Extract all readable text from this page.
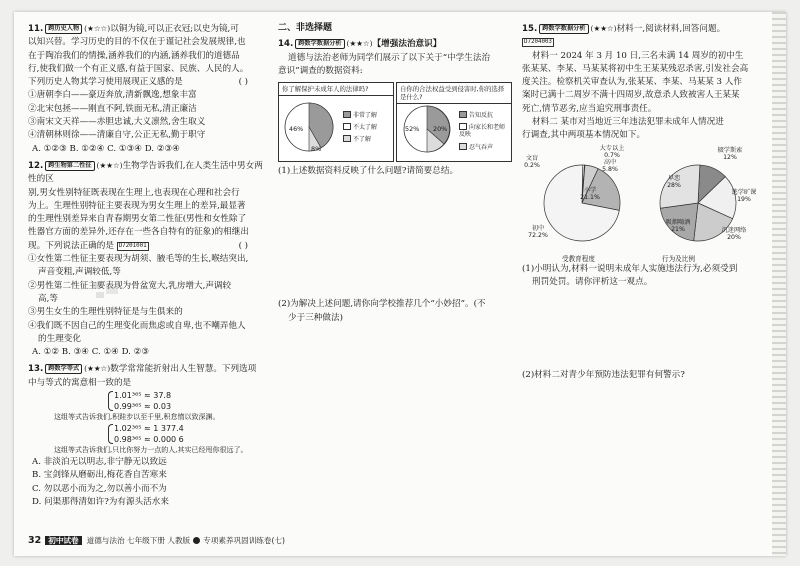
11. 跨历史人物 (★☆☆)以铜为镜,可以正衣冠;以史为镜,可

以知兴替。学习历史的目的不仅在于谨记社会发展规律,也

在于陶冶我们的情操,涵养我们的内涵,涵养我们的道德品

行,使我们做一个有正义感,有益于国家、民族、人民的人。

下列历史人物其学习使用展现正义感的是	( )

①唐朝李白——豪迈奔放,清新飘逸,想象丰富

②北宋包拯——刚直不阿,铁面无私,清正廉洁

③南宋文天祥——赤胆忠诚,大义凛然,舍生取义

④清朝林则徐——清廉自守,公正无私,勤于职守

A. ①②③ B. ①②④ C. ①③④ D. ②③④

12. 跨生物第二性征 (★★☆)生物学告诉我们,在人类生活中男女两性的区

别,男女性别特征既表现在生理上,也表现在心理和社会行

为上。生理性别特征主要表现为男女生理上的差异,最显著

的生理性别差异来自青春期男女第二性征(男性和女性除了

性器官方面的差异外,还存在一些各自特有的征象)的相继出

现。下列说法正确的是 D7201001	( )

①女性第二性征主要表现为胡须、腋毛等的生长,喉结突出,

声音变粗,声调较低,等

②男性第二性征主要表现为骨盆宽大,乳房增大,声调较

高,等

③男生女生的生理性别特征是与生俱来的

④我们既不因自己的生理变化而焦虑或自卑,也不嘲弄他人

的生理变化

A. ①② B. ③④ C. ①④ D. ②③

13. 跨数学等式 (★★☆)数学常常能折射出人生智慧。下列选项

中与等式的寓意相一致的是

1.01³⁶⁵ ≈ 37.8

0.99³⁶⁵ ≈ 0.03

这组等式告诉我们,积跬步以至千里,积怠惰以致深渊。

1.02³⁶⁵ ≈ 1 377.4

0.98³⁶⁵ ≈ 0.000 6

这组等式告诉我们,只比你努力一点的人,其实已经甩你很远了。

A. 非淡泊无以明志,非宁静无以致远

B. 宝剑锋从磨砺出,梅花香自苦寒来

C. 勿以恶小而为之,勿以善小而不为

D. 问渠那得清如许?为有源头活水来

二、非选择题

14. 跨数学数据分析 (★★☆)【增强法治意识】

道德与法治老师为同学们展示了以下关于“中学生法治

意识”调查的数据资料:

你了解保护未成年人的法律吗?
46%
8%
非常了解
不太了解
不了解
自你的合法权益受到侵害时,你的选择是什么?
52% 20%
告知反抗
向家长和老师反映
忍气吞声

(1)上述数据资料反映了什么问题?请简要总结。

(2)为解决上述问题,请你向学校推荐几个“小妙招”。(不

少于三种做法)

15. 跨数学数据分析 (★★☆)材料一,阅读材料,回答问题。 D7204003

材料一 2024 年 3 月 10 日,三名未满 14 周岁的初中生

张某某、李某、马某某将初中生王某某残忍杀害,引发社会高

度关注。检察机关审查认为,张某某、李某、马某某 3 人作

案时已满十二周岁不满十四周岁,故意杀人致被害人王某某

死亡,情节恶劣,应当追究刑事责任。

材料二 某市对当地近三年违法犯罪未成年人情况进

行调查,其中两项基本情况如下。

大专以上
0.7%
文盲
0.2%	高中
5.8%
小学
21.1%
初中
72.2%
辍学斯索
12%
逃学旷课
19%
沉迷网络
20%
吸烟喝酒
21%
早恋
28%
受教育程度	行为及比例

(1)小明认为,材料一说明未成年人实施违法行为,必须受到

刑罚处罚。请你评析这一观点。

(2)材料二对青少年预防违法犯罪有何警示?

32 初中试卷 道德与法治 七年级下册 人教版 专项素养巩固训练卷(七)
